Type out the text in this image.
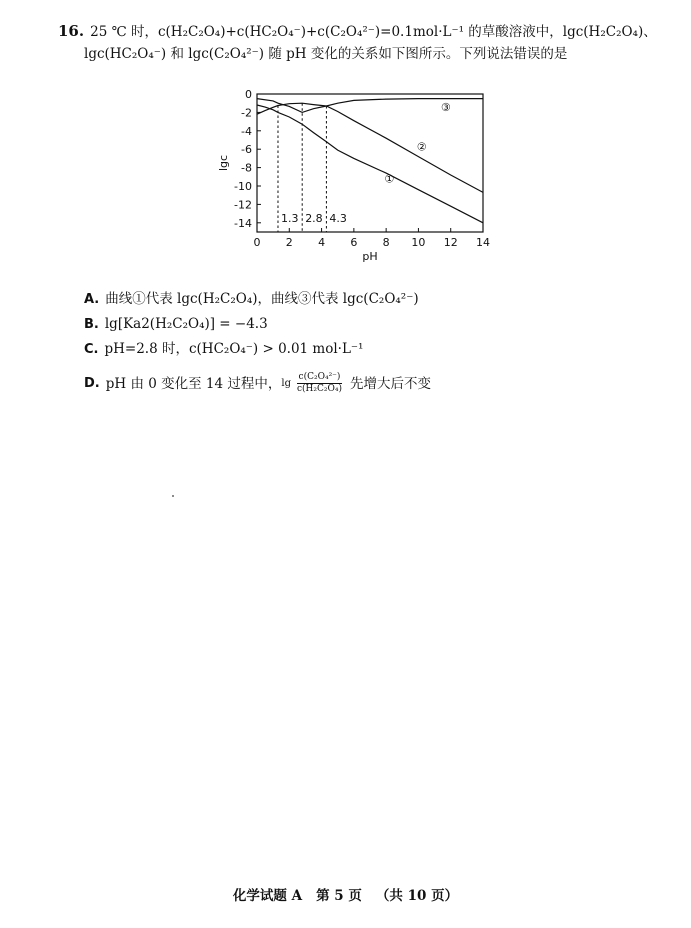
16. 25 ℃ 时，c(H₂C₂O₄)+c(HC₂O₄⁻)+c(C₂O₄²⁻)=0.1mol·L⁻¹ 的草酸溶液中，lgc(H₂C₂O₄)、
lgc(HC₂O₄⁻) 和 lgc(C₂O₄²⁻) 随 pH 变化的关系如下图所示。下列说法错误的是
1.3 2.8 4.3
0 2 4 6 8 10 12 14
0
-2
-4
-6
-8
-10
-12
-14
pH
lgc
①
②
③
A. 曲线①代表 lgc(H₂C₂O₄)，曲线③代表 lgc(C₂O₄²⁻)
B. lg[Ka2(H₂C₂O₄)] = −4.3
C. pH=2.8 时，c(HC₂O₄⁻) > 0.01 mol·L⁻¹
D. pH 由 0 变化至 14 过程中， $\lg \frac{\text{c(C₂O₄²⁻)}}{\text{c(H₂C₂O₄)}}$ 先增大后不变
化学试题 A 第 5 页 （共 10 页）
